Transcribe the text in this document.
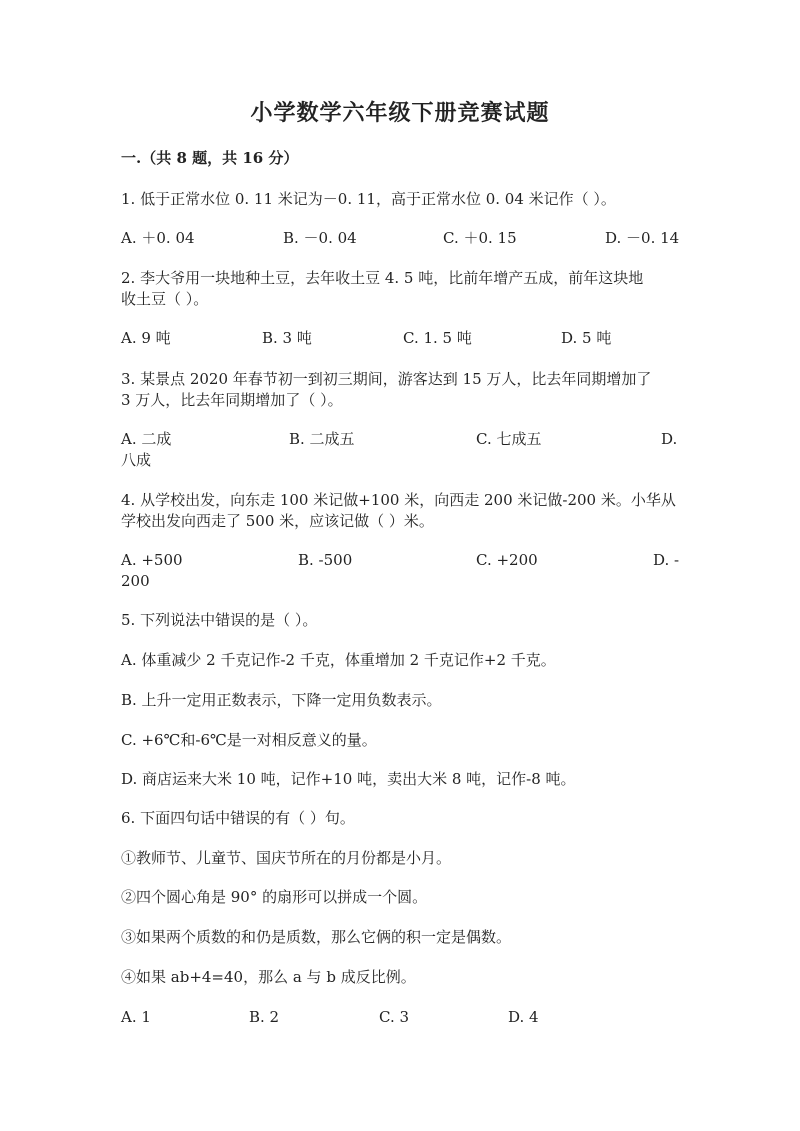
小学数学六年级下册竞赛试题
一.（共 8 题，共 16 分）
1. 低于正常水位 0. 11 米记为－0. 11，高于正常水位 0. 04 米记作（ ）。
A. ＋0. 04	B. －0. 04	C. ＋0. 15	D. －0. 14
2. 李大爷用一块地种土豆，去年收土豆 4. 5 吨，比前年增产五成，前年这块地
收土豆（ ）。
A. 9 吨	B. 3 吨	C. 1. 5 吨	D. 5 吨
3. 某景点 2020 年春节初一到初三期间，游客达到 15 万人，比去年同期增加了
3 万人，比去年同期增加了（ ）。
A. 二成	B. 二成五	C. 七成五	D.
八成
4. 从学校出发，向东走 100 米记做+100 米，向西走 200 米记做-200 米。小华从
学校出发向西走了 500 米，应该记做（ ）米。
A. +500	B. -500	C. +200	D. -
200
5. 下列说法中错误的是（ ）。
A. 体重减少 2 千克记作-2 千克，体重增加 2 千克记作+2 千克。
B. 上升一定用正数表示，下降一定用负数表示。
C. +6℃和-6℃是一对相反意义的量。
D. 商店运来大米 10 吨，记作+10 吨，卖出大米 8 吨，记作-8 吨。
6. 下面四句话中错误的有（ ）句。
①教师节、儿童节、国庆节所在的月份都是小月。
②四个圆心角是 90° 的扇形可以拼成一个圆。
③如果两个质数的和仍是质数，那么它俩的积一定是偶数。
④如果 ab+4=40，那么 a 与 b 成反比例。
A. 1	B. 2	C. 3	D. 4
